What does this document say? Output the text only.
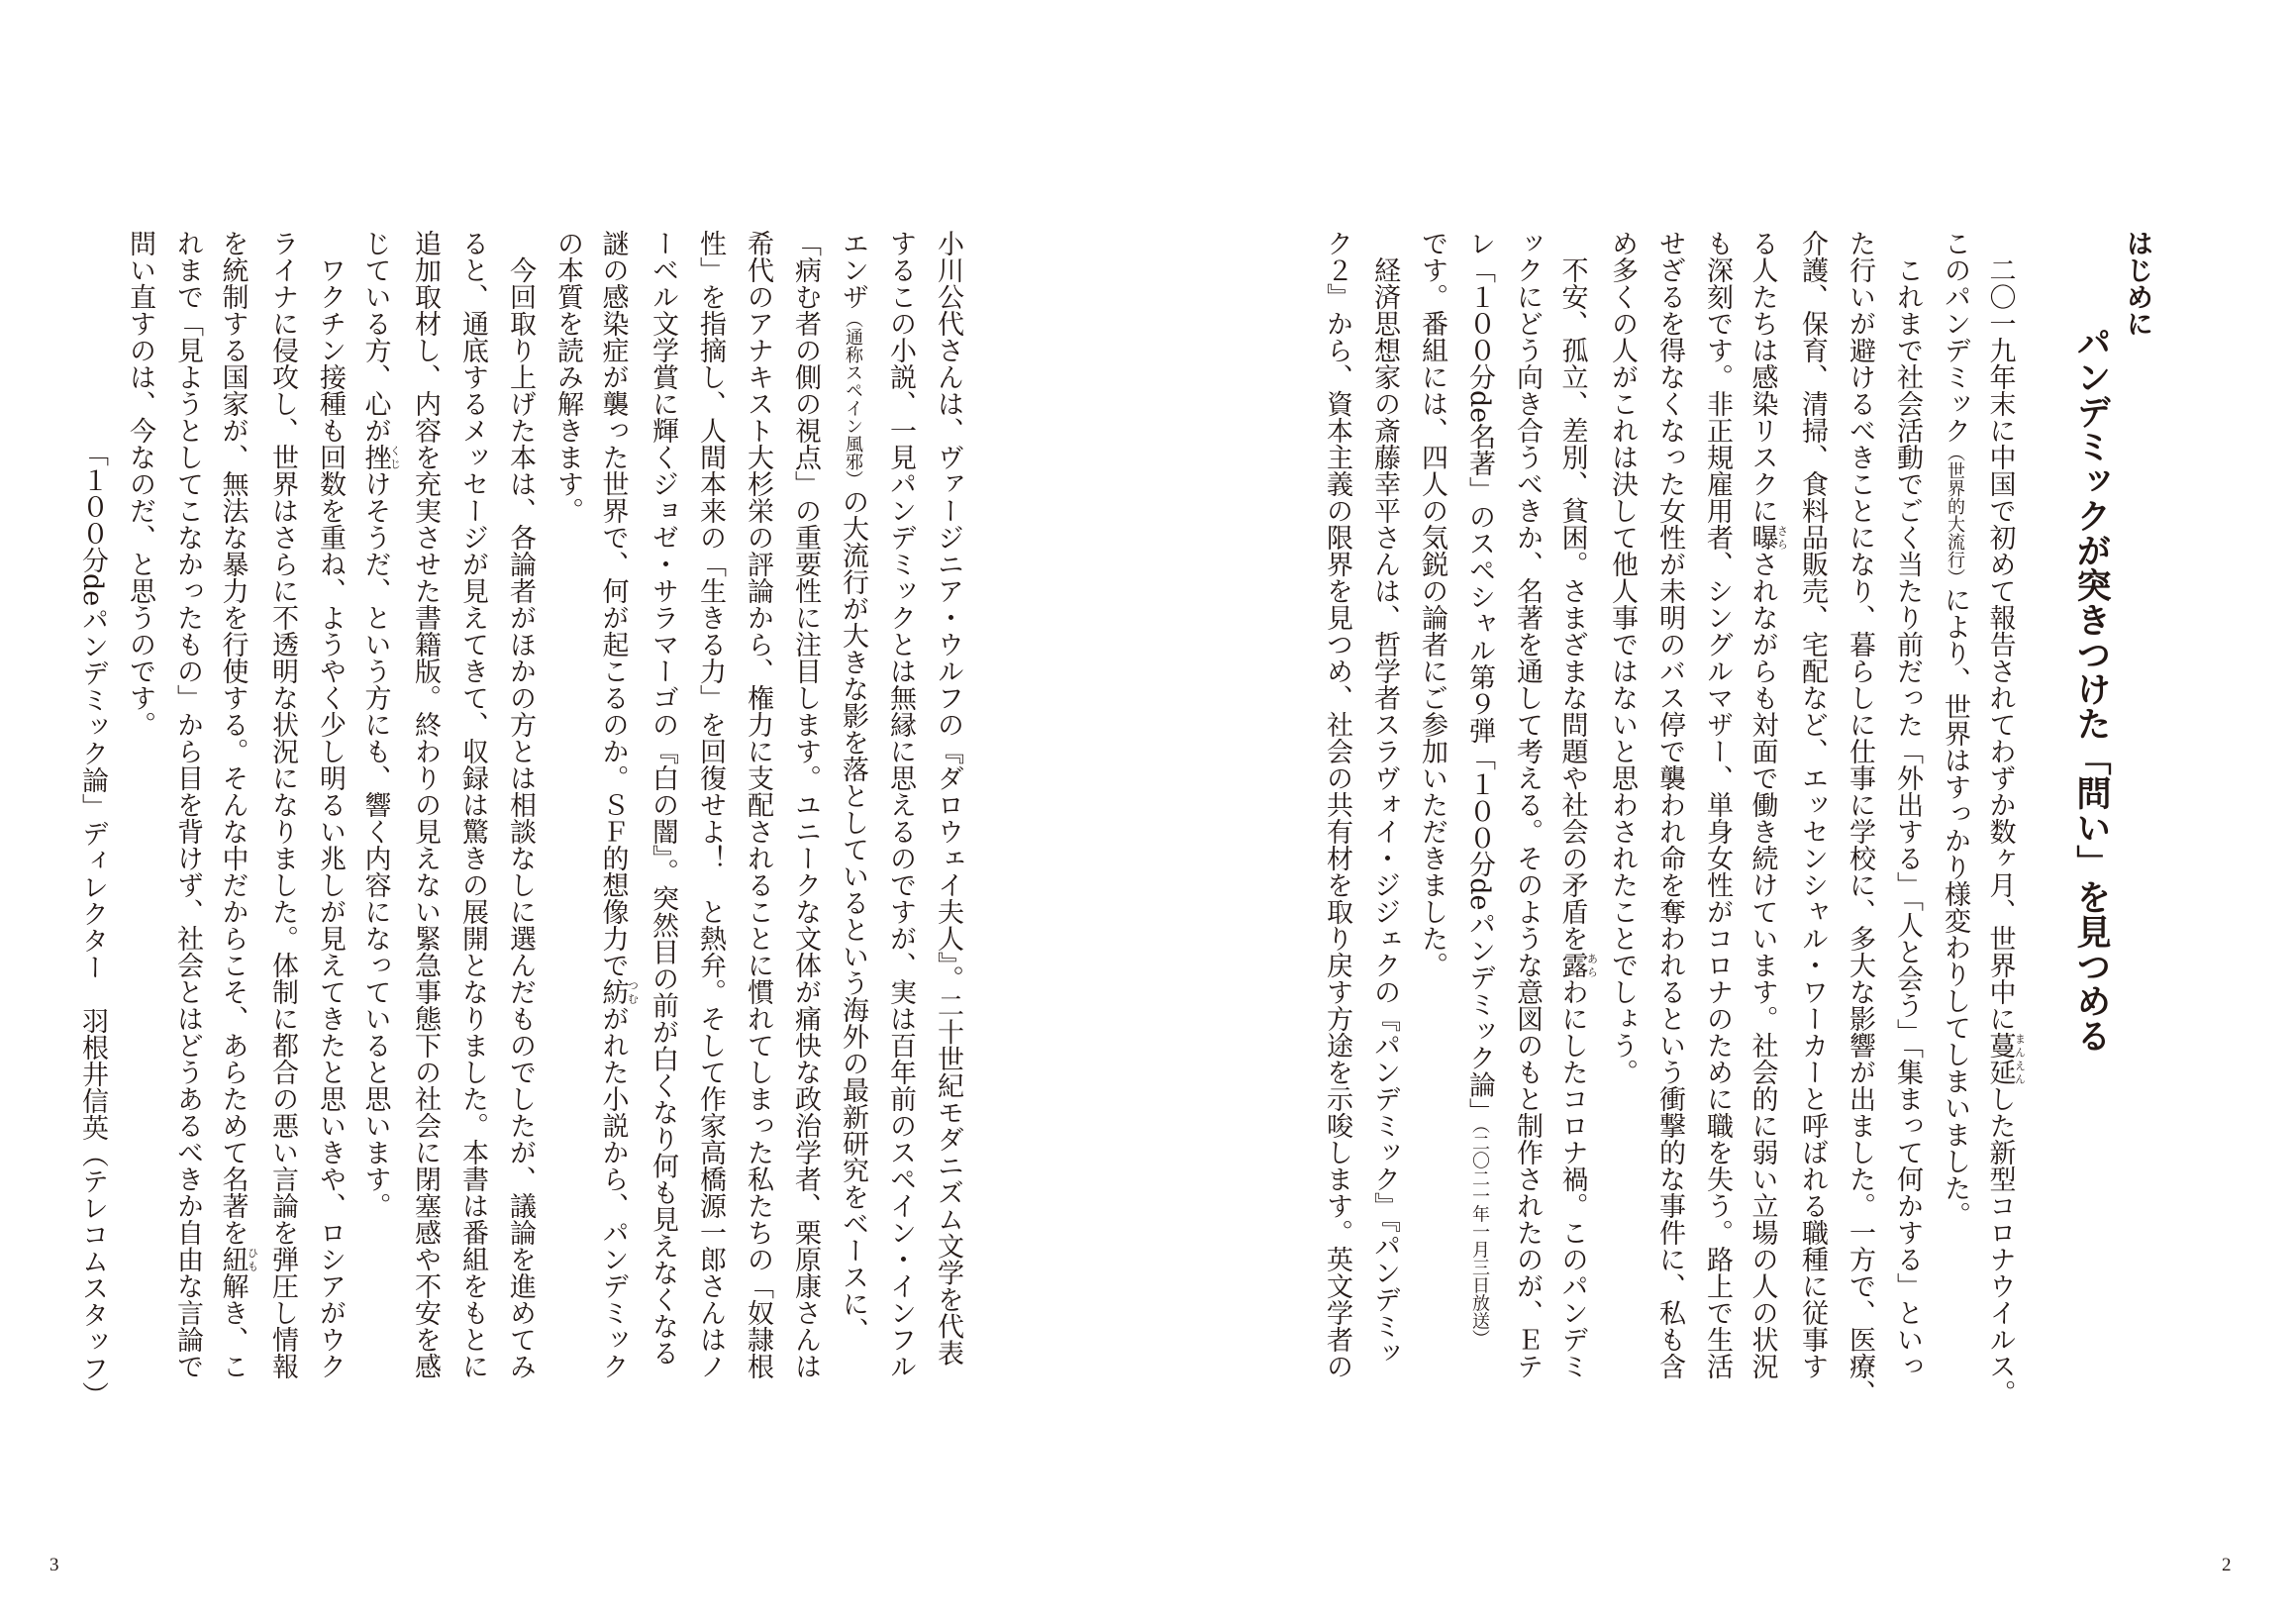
はじめに
パンデミックが突きつけた「問い」を見つめる
　二〇一九年末に中国で初めて報告されてわずか数ヶ月、世界中に蔓延まんえんした新型コロナウイルス。
このパンデミック（世界的大流行）により、世界はすっかり様変わりしてしまいました。
　これまで社会活動でごく当たり前だった「外出する」「人と会う」「集まって何かする」といっ
た行いが避けるべきことになり、暮らしに仕事に学校に、多大な影響が出ました。一方で、医療、
介護、保育、清掃、食料品販売、宅配など、エッセンシャル・ワーカーと呼ばれる職種に従事す
る人たちは感染リスクに曝さらされながらも対面で働き続けています。社会的に弱い立場の人の状況
も深刻です。非正規雇用者、シングルマザー、単身女性がコロナのために職を失う。路上で生活
せざるを得なくなった女性が未明のバス停で襲われ命を奪われるという衝撃的な事件に、私も含
め多くの人がこれは決して他人事ではないと思わされたことでしょう。
　不安、孤立、差別、貧困。さまざまな問題や社会の矛盾を露あらわにしたコロナ禍。このパンデミ
ックにどう向き合うべきか、名著を通して考える。そのような意図のもと制作されたのが、Ｅテ
レ「１００分de名著」のスペシャル第９弾「１００分deパンデミック論」（二〇二一年一月三日放送）
です。番組には、四人の気鋭の論者にご参加いただきました。
　経済思想家の斎藤幸平さんは、哲学者スラヴォイ・ジジェクの『パンデミック』『パンデミッ
ク２』から、資本主義の限界を見つめ、社会の共有材を取り戻す方途を示唆します。英文学者の
小川公代さんは、ヴァージニア・ウルフの『ダロウェイ夫人』。二十世紀モダニズム文学を代表
するこの小説、一見パンデミックとは無縁に思えるのですが、実は百年前のスペイン・インフル
エンザ（通称スペイン風邪）の大流行が大きな影を落としているという海外の最新研究をベースに、
「病む者の側の視点」の重要性に注目します。ユニークな文体が痛快な政治学者、栗原康さんは
希代のアナキスト大杉栄の評論から、権力に支配されることに慣れてしまった私たちの「奴隷根
性」を指摘し、人間本来の「生きる力」を回復せよ！　と熱弁。そして作家高橋源一郎さんはノ
ーベル文学賞に輝くジョゼ・サラマーゴの『白の闇』。突然目の前が白くなり何も見えなくなる
謎の感染症が襲った世界で、何が起こるのか。ＳＦ的想像力で紡つむがれた小説から、パンデミック
の本質を読み解きます。
　今回取り上げた本は、各論者がほかの方とは相談なしに選んだものでしたが、議論を進めてみ
ると、通底するメッセージが見えてきて、収録は驚きの展開となりました。本書は番組をもとに
追加取材し、内容を充実させた書籍版。終わりの見えない緊急事態下の社会に閉塞感や不安を感
じている方、心が挫くじけそうだ、という方にも、響く内容になっていると思います。
　ワクチン接種も回数を重ね、ようやく少し明るい兆しが見えてきたと思いきや、ロシアがウク
ライナに侵攻し、世界はさらに不透明な状況になりました。体制に都合の悪い言論を弾圧し情報
を統制する国家が、無法な暴力を行使する。そんな中だからこそ、あらためて名著を紐ひも解き、こ
れまで「見ようとしてこなかったもの」から目を背けず、社会とはどうあるべきか自由な言論で
問い直すのは、今なのだ、と思うのです。
「１００分deパンデミック論」ディレクター　羽根井信英（テレコムスタッフ）
3	2
